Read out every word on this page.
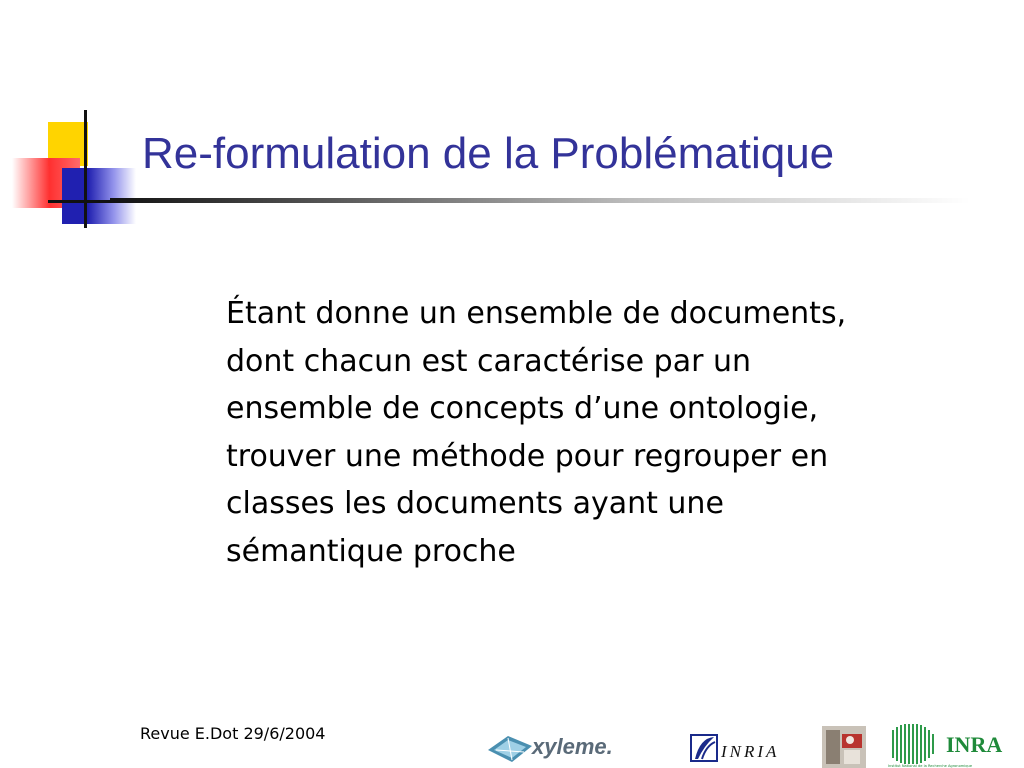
Re-formulation de la Problématique

Étant donne un ensemble de documents,
dont chacun est caractérise par un
ensemble de concepts d’une ontologie,
trouver une méthode pour regrouper en
classes les documents ayant une
sémantique proche

Revue E.Dot 29/6/2004
xyleme.	INRIA	INRA
Institut National de la Recherche Agronomique
